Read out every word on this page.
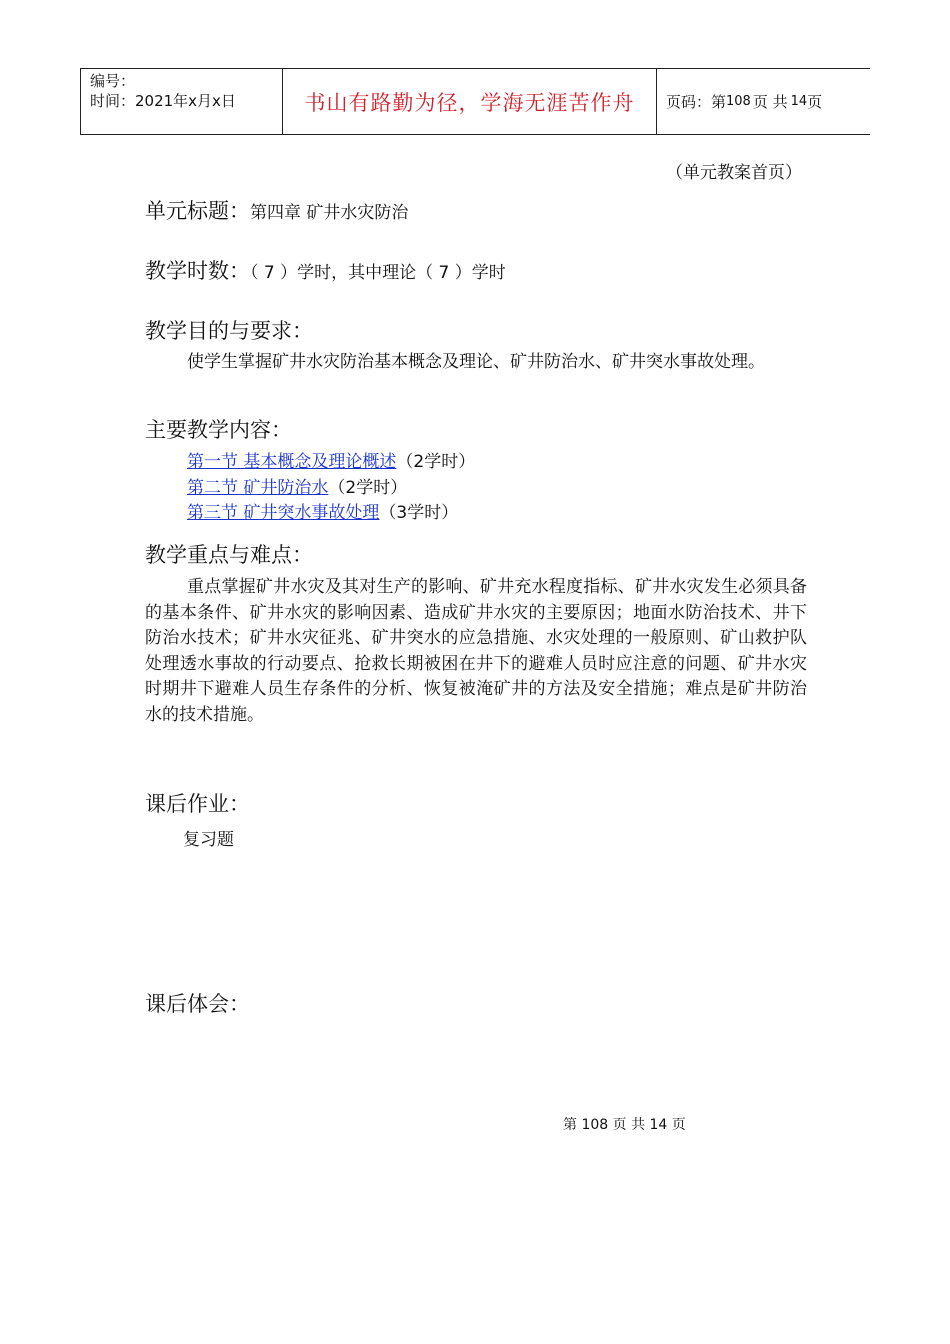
编号：
时间：2021年x月x日	书山有路勤为径，学海无涯苦作舟 页码：第 108 页 共 14 页
（单元教案首页）
单元标题：第四章 矿井水灾防治
教学时数：（ 7 ）学时，其中理论（ 7 ）学时
教学目的与要求：
使学生掌握矿井水灾防治基本概念及理论、矿井防治水、矿井突水事故处理。
主要教学内容：
第一节 基本概念及理论概述（2学时）
第二节 矿井防治水（2学时）
第三节 矿井突水事故处理（3学时）
教学重点与难点：
重点掌握矿井水灾及其对生产的影响、矿井充水程度指标、矿井水灾发生必须具备的基本条件、矿井水灾的影响因素、造成矿井水灾的主要原因；地面水防治技术、井下防治水技术；矿井水灾征兆、矿井突水的应急措施、水灾处理的一般原则、矿山救护队处理透水事故的行动要点、抢救长期被困在井下的避难人员时应注意的问题、矿井水灾时期井下避难人员生存条件的分析、恢复被淹矿井的方法及安全措施；难点是矿井防治水的技术措施。
课后作业：
复习题
课后体会：
第 108 页 共 14 页
